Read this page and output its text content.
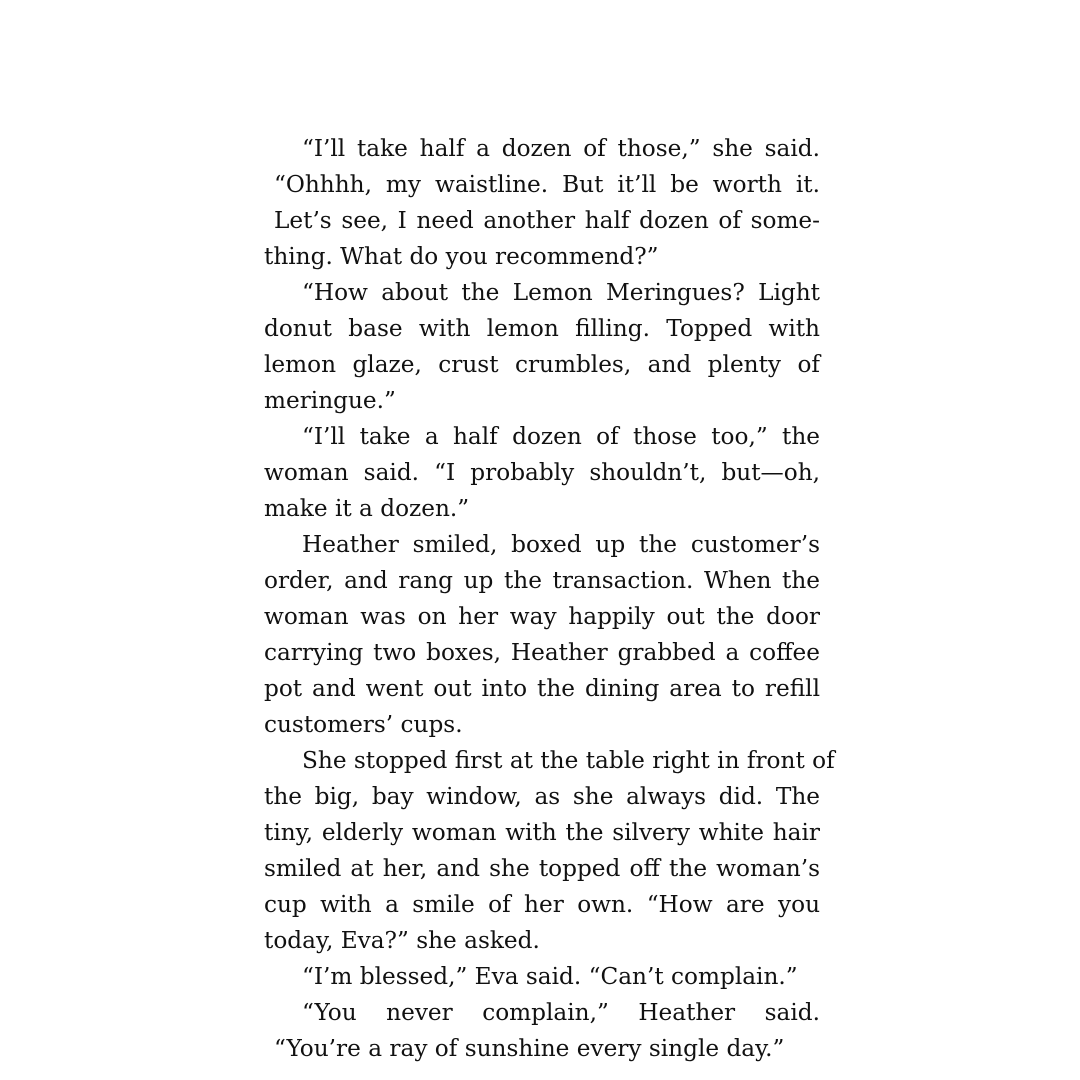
“I’ll take half a dozen of those,” she said.
“Ohhhh, my waistline. But it’ll be worth it.
Let’s see, I need another half dozen of some-
thing. What do you recommend?”
“How about the Lemon Meringues? Light
donut base with lemon filling. Topped with
lemon glaze, crust crumbles, and plenty of
meringue.”
“I’ll take a half dozen of those too,” the
woman said. “I probably shouldn’t, but—oh,
make it a dozen.”
Heather smiled, boxed up the customer’s
order, and rang up the transaction. When the
woman was on her way happily out the door
carrying two boxes, Heather grabbed a coffee
pot and went out into the dining area to refill
customers’ cups.
She stopped first at the table right in front of
the big, bay window, as she always did. The
tiny, elderly woman with the silvery white hair
smiled at her, and she topped off the woman’s
cup with a smile of her own. “How are you
today, Eva?” she asked.
“I’m blessed,” Eva said. “Can’t complain.”
“You never complain,” Heather said.
“You’re a ray of sunshine every single day.”
